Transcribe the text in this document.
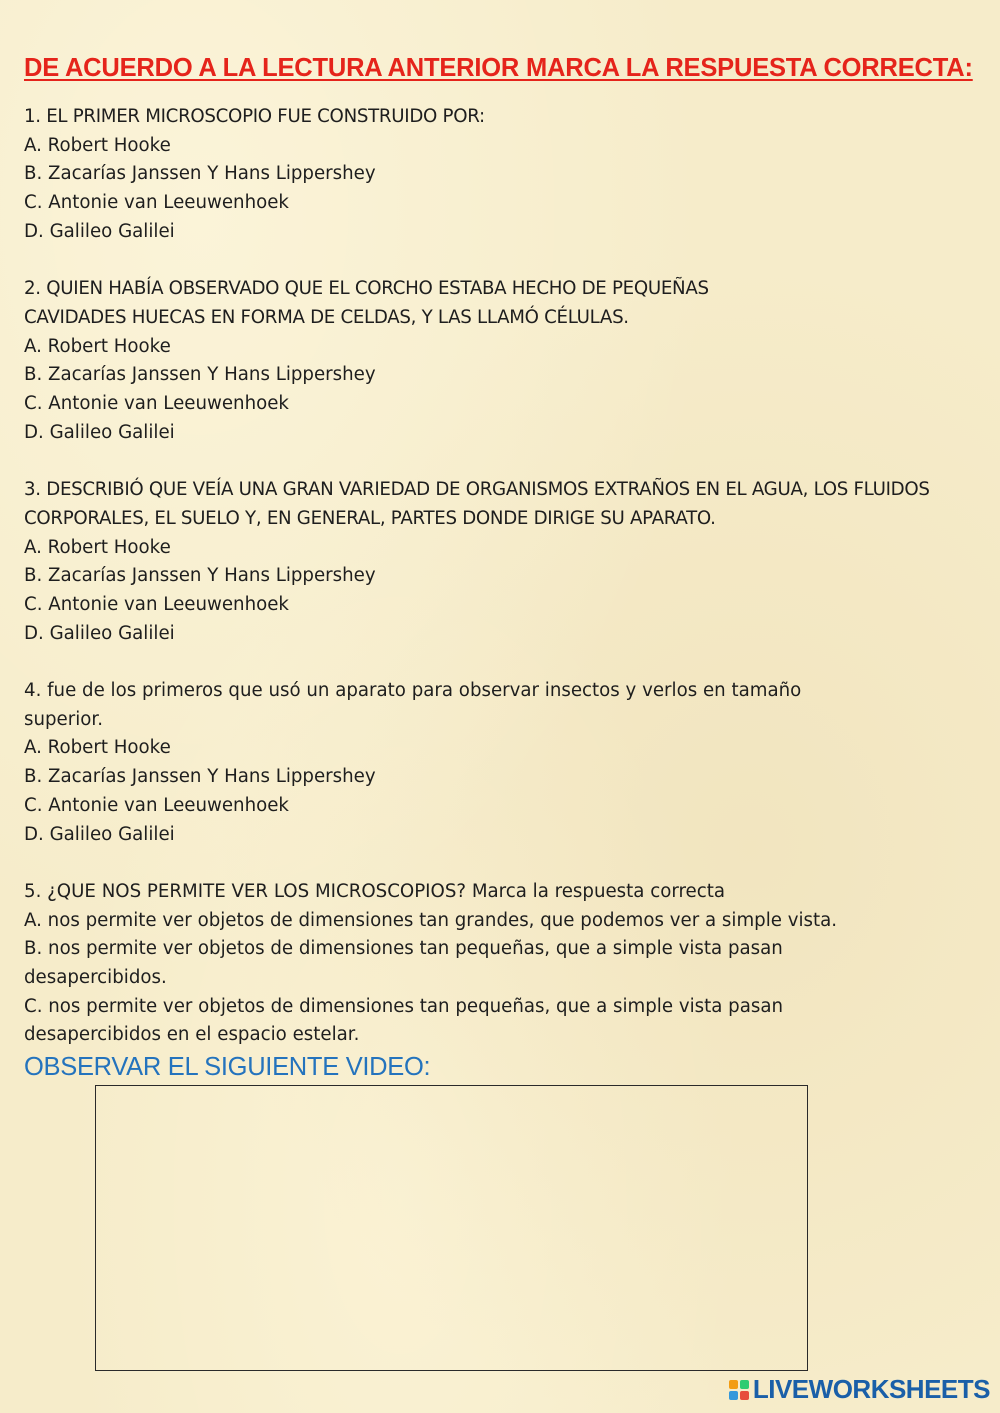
DE ACUERDO A LA LECTURA ANTERIOR MARCA LA RESPUESTA CORRECTA:

1. EL PRIMER MICROSCOPIO FUE CONSTRUIDO POR:

A. Robert Hooke

B. Zacarías Janssen Y Hans Lippershey

C. Antonie van Leeuwenhoek

D. Galileo Galilei

2. QUIEN HABÍA OBSERVADO QUE EL CORCHO ESTABA HECHO DE PEQUEÑAS CAVIDADES HUECAS EN FORMA DE CELDAS, Y LAS LLAMÓ CÉLULAS.

A. Robert Hooke

B. Zacarías Janssen Y Hans Lippershey

C. Antonie van Leeuwenhoek

D. Galileo Galilei

3. DESCRIBIÓ QUE VEÍA UNA GRAN VARIEDAD DE ORGANISMOS EXTRAÑOS EN EL AGUA, LOS FLUIDOS CORPORALES, EL SUELO Y, EN GENERAL, PARTES DONDE DIRIGE SU APARATO.

A. Robert Hooke

B. Zacarías Janssen Y Hans Lippershey

C. Antonie van Leeuwenhoek

D. Galileo Galilei

4. fue de los primeros que usó un aparato para observar insectos y verlos en tamaño superior.

A. Robert Hooke

B. Zacarías Janssen Y Hans Lippershey

C. Antonie van Leeuwenhoek

D. Galileo Galilei

5. ¿QUE NOS PERMITE VER LOS MICROSCOPIOS? Marca la respuesta correcta

A. nos permite ver objetos de dimensiones tan grandes, que podemos ver a simple vista.

B. nos permite ver objetos de dimensiones tan pequeñas, que a simple vista pasan desapercibidos.

C. nos permite ver objetos de dimensiones tan pequeñas, que a simple vista pasan desapercibidos en el espacio estelar.

OBSERVAR EL SIGUIENTE VIDEO:
LIVEWORKSHEETS
